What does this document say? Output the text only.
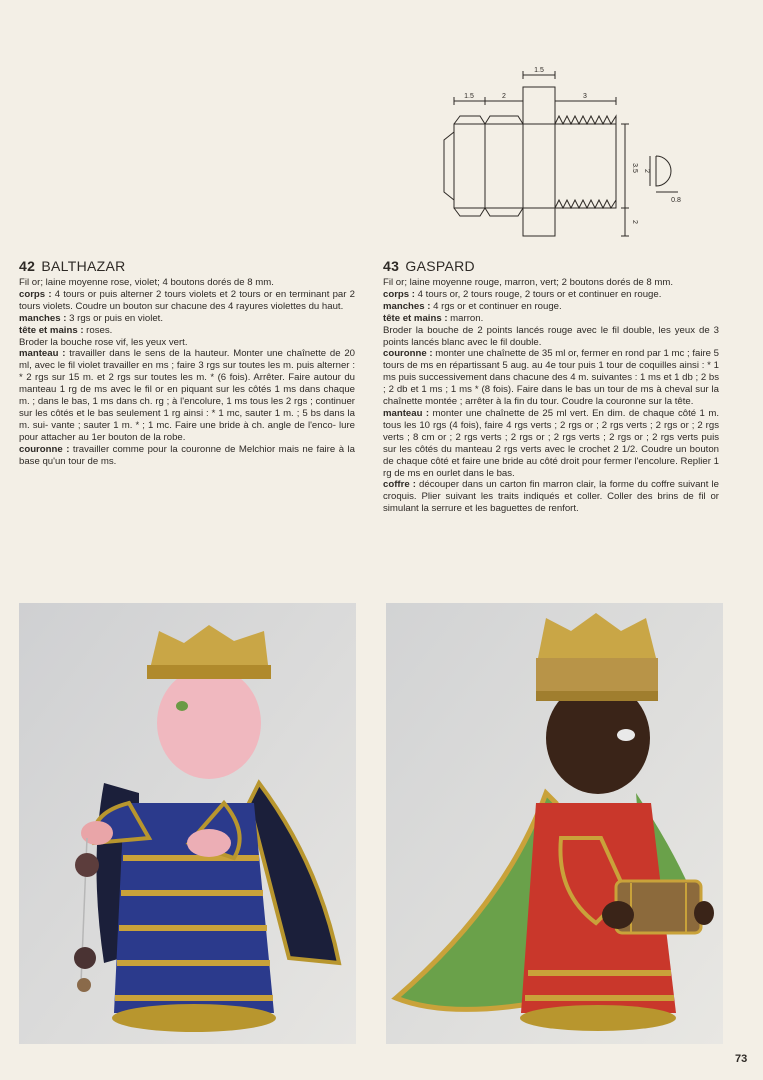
1.5
1.5	2	3
3.5
2
2
0.8
42 BALTHAZAR

Fil or; laine moyenne rose, violet; 4 boutons dorés de 8 mm.

corps : 4 tours or puis alterner 2 tours violets et 2 tours or en terminant par 2 tours violets. Coudre un bouton sur chacune des 4 rayures violettes du haut.

manches : 3 rgs or puis en violet.

tête et mains : roses.

Broder la bouche rose vif, les yeux vert.

manteau : travailler dans le sens de la hauteur. Monter une chaînette de 20 ml, avec le fil violet travailler en ms ; faire 3 rgs sur toutes les m. puis alterner : * 2 rgs sur 15 m. et 2 rgs sur toutes les m. * (6 fois). Arrêter. Faire autour du manteau 1 rg de ms avec le fil or en piquant sur les côtés 1 ms dans chaque m. ; dans le bas, 1 ms dans ch. rg ; à l'encolure, 1 ms tous les 2 rgs ; continuer sur les côtés et le bas seulement 1 rg ainsi : * 1 mc, sauter 1 m. ; 5 bs dans la m. sui- vante ; sauter 1 m. * ; 1 mc. Faire une bride à ch. angle de l'enco- lure pour attacher au 1er bouton de la robe.

couronne : travailler comme pour la couronne de Melchior mais ne faire à la base qu'un tour de ms.

43 GASPARD

Fil or; laine moyenne rouge, marron, vert; 2 boutons dorés de 8 mm.

corps : 4 tours or, 2 tours rouge, 2 tours or et continuer en rouge.

manches : 4 rgs or et continuer en rouge.

tête et mains : marron.

Broder la bouche de 2 points lancés rouge avec le fil double, les yeux de 3 points lancés blanc avec le fil double.

couronne : monter une chaînette de 35 ml or, fermer en rond par 1 mc ; faire 5 tours de ms en répartissant 5 aug. au 4e tour puis 1 tour de coquilles ainsi : * 1 ms puis successivement dans chacune des 4 m. suivantes : 1 ms et 1 db ; 2 bs ; 2 db et 1 ms ; 1 ms * (8 fois). Faire dans le bas un tour de ms à cheval sur la chaînette montée ; arrêter à la fin du tour. Coudre la couronne sur la tête.

manteau : monter une chaînette de 25 ml vert. En dim. de chaque côté 1 m. tous les 10 rgs (4 fois), faire 4 rgs verts ; 2 rgs or ; 2 rgs verts ; 2 rgs or ; 2 rgs verts ; 8 cm or ; 2 rgs verts ; 2 rgs or ; 2 rgs verts ; 2 rgs or ; 2 rgs verts puis sur les côtés du manteau 2 rgs verts avec le crochet 2 1/2. Coudre un bouton de chaque côté et faire une bride au côté droit pour fermer l'encolure. Replier 1 rg de ms en ourlet dans le bas.

coffre : découper dans un carton fin marron clair, la forme du coffre suivant le croquis. Plier suivant les traits indiqués et coller. Coller des brins de fil or simulant la serrure et les baguettes de renfort.

73
